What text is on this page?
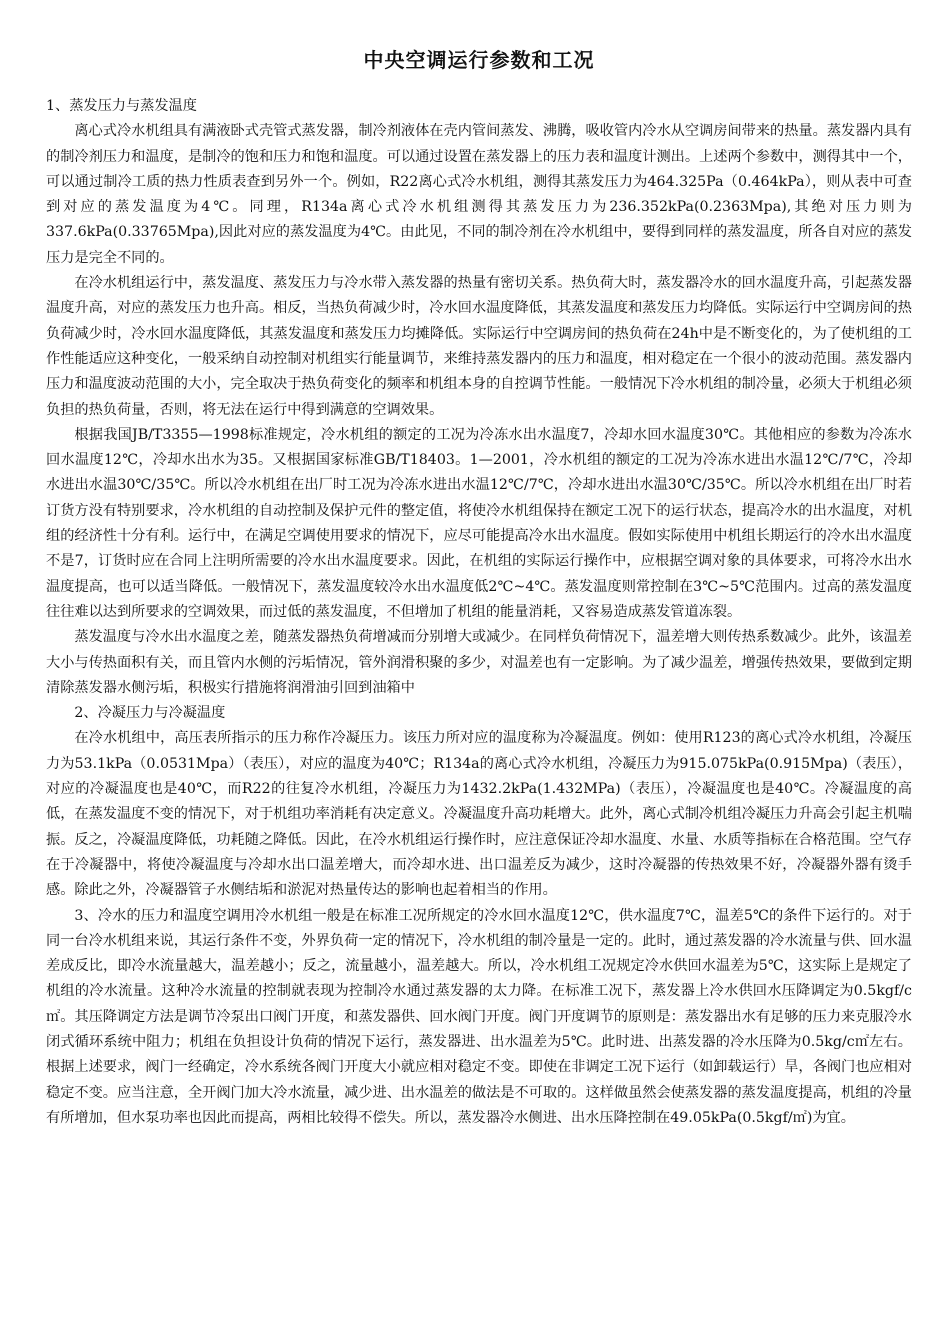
中央空调运行参数和工况

1、蒸发压力与蒸发温度

离心式冷水机组具有满液卧式壳管式蒸发器，制冷剂液体在壳内管间蒸发、沸腾，吸收管内冷水从空调房间带来的热量。蒸发器内具有的制冷剂压力和温度，是制冷的饱和压力和饱和温度。可以通过设置在蒸发器上的压力表和温度计测出。上述两个参数中，测得其中一个，可以通过制冷工质的热力性质表查到另外一个。例如，R22离心式冷水机组，测得其蒸发压力为464.325Pa（0.464kPa），则从表中可查到对应的蒸发温度为4℃。同理，R134a离心式冷水机组测得其蒸发压力为236.352kPa(0.2363Mpa),其绝对压力则为337.6kPa(0.33765Mpa),因此对应的蒸发温度为4℃。由此见，不同的制冷剂在冷水机组中，要得到同样的蒸发温度，所各自对应的蒸发压力是完全不同的。

在冷水机组运行中，蒸发温度、蒸发压力与冷水带入蒸发器的热量有密切关系。热负荷大时，蒸发器冷水的回水温度升高，引起蒸发器温度升高，对应的蒸发压力也升高。相反，当热负荷减少时，冷水回水温度降低，其蒸发温度和蒸发压力均降低。实际运行中空调房间的热负荷减少时，冷水回水温度降低，其蒸发温度和蒸发压力均摊降低。实际运行中空调房间的热负荷在24h中是不断变化的，为了使机组的工作性能适应这种变化，一般采纳自动控制对机组实行能量调节，来维持蒸发器内的压力和温度，相对稳定在一个很小的波动范围。蒸发器内压力和温度波动范围的大小，完全取决于热负荷变化的频率和机组本身的自控调节性能。一般情况下冷水机组的制冷量，必须大于机组必须负担的热负荷量，否则，将无法在运行中得到满意的空调效果。

根据我国JB/T3355—1998标准规定，冷水机组的额定的工况为冷冻水出水温度7，冷却水回水温度30℃。其他相应的参数为冷冻水回水温度12℃，冷却水出水为35。又根据国家标准GB/T18403。1—2001，冷水机组的额定的工况为冷冻水进出水温12℃/7℃，冷却水进出水温30℃/35℃。所以冷水机组在出厂时工况为冷冻水进出水温12℃/7℃，冷却水进出水温30℃/35℃。所以冷水机组在出厂时若订货方没有特别要求，冷水机组的自动控制及保护元件的整定值，将使冷水机组保持在额定工况下的运行状态，提高冷水的出水温度，对机组的经济性十分有利。运行中，在满足空调使用要求的情况下，应尽可能提高冷水出水温度。假如实际使用中机组长期运行的冷水出水温度不是7，订货时应在合同上注明所需要的冷水出水温度要求。因此，在机组的实际运行操作中，应根据空调对象的具体要求，可将冷水出水温度提高，也可以适当降低。一般情况下，蒸发温度较冷水出水温度低2℃~4℃。蒸发温度则常控制在3℃~5℃范围内。过高的蒸发温度往往难以达到所要求的空调效果，而过低的蒸发温度，不但增加了机组的能量消耗，又容易造成蒸发管道冻裂。

蒸发温度与冷水出水温度之差，随蒸发器热负荷增减而分别增大或减少。在同样负荷情况下，温差增大则传热系数减少。此外，该温差大小与传热面积有关，而且管内水侧的污垢情况，管外润滑积聚的多少，对温差也有一定影响。为了减少温差，增强传热效果，要做到定期清除蒸发器水侧污垢，积极实行措施将润滑油引回到油箱中

2、冷凝压力与冷凝温度

在冷水机组中，高压表所指示的压力称作冷凝压力。该压力所对应的温度称为冷凝温度。例如：使用R123的离心式冷水机组，冷凝压力为53.1kPa（0.0531Mpa）（表压），对应的温度为40℃；R134a的离心式冷水机组，冷凝压力为915.075kPa(0.915Mpa)（表压），对应的冷凝温度也是40℃，而R22的往复冷水机组，冷凝压力为1432.2kPa(1.432MPa)（表压），冷凝温度也是40℃。冷凝温度的高低，在蒸发温度不变的情况下，对于机组功率消耗有决定意义。冷凝温度升高功耗增大。此外，离心式制冷机组冷凝压力升高会引起主机喘振。反之，冷凝温度降低，功耗随之降低。因此，在冷水机组运行操作时，应注意保证冷却水温度、水量、水质等指标在合格范围。空气存在于冷凝器中，将使冷凝温度与冷却水出口温差增大，而冷却水进、出口温差反为减少，这时冷凝器的传热效果不好，冷凝器外器有烫手感。除此之外，冷凝器管子水侧结垢和淤泥对热量传达的影响也起着相当的作用。

3、冷水的压力和温度空调用冷水机组一般是在标准工况所规定的冷水回水温度12℃，供水温度7℃，温差5℃的条件下运行的。对于同一台冷水机组来说，其运行条件不变，外界负荷一定的情况下，冷水机组的制冷量是一定的。此时，通过蒸发器的冷水流量与供、回水温差成反比，即冷水流量越大，温差越小；反之，流量越小，温差越大。所以，冷水机组工况规定冷水供回水温差为5℃，这实际上是规定了机组的冷水流量。这种冷水流量的控制就表现为控制冷水通过蒸发器的太力降。在标准工况下，蒸发器上冷水供回水压降调定为0.5kgf/c㎡。其压降调定方法是调节冷泵出口阀门开度，和蒸发器供、回水阀门开度。阀门开度调节的原则是：蒸发器出水有足够的压力来克服冷水闭式循环系统中阻力；机组在负担设计负荷的情况下运行，蒸发器进、出水温差为5℃。此时进、出蒸发器的冷水压降为0.5kg/c㎡左右。根据上述要求，阀门一经确定，冷水系统各阀门开度大小就应相对稳定不变。即使在非调定工况下运行（如卸载运行）旱，各阀门也应相对稳定不变。应当注意，全开阀门加大冷水流量，减少进、出水温差的做法是不可取的。这样做虽然会使蒸发器的蒸发温度提高，机组的冷量有所增加，但水泵功率也因此而提高，两相比较得不偿失。所以，蒸发器冷水侧进、出水压降控制在49.05kPa(0.5kgf/㎡)为宜。
